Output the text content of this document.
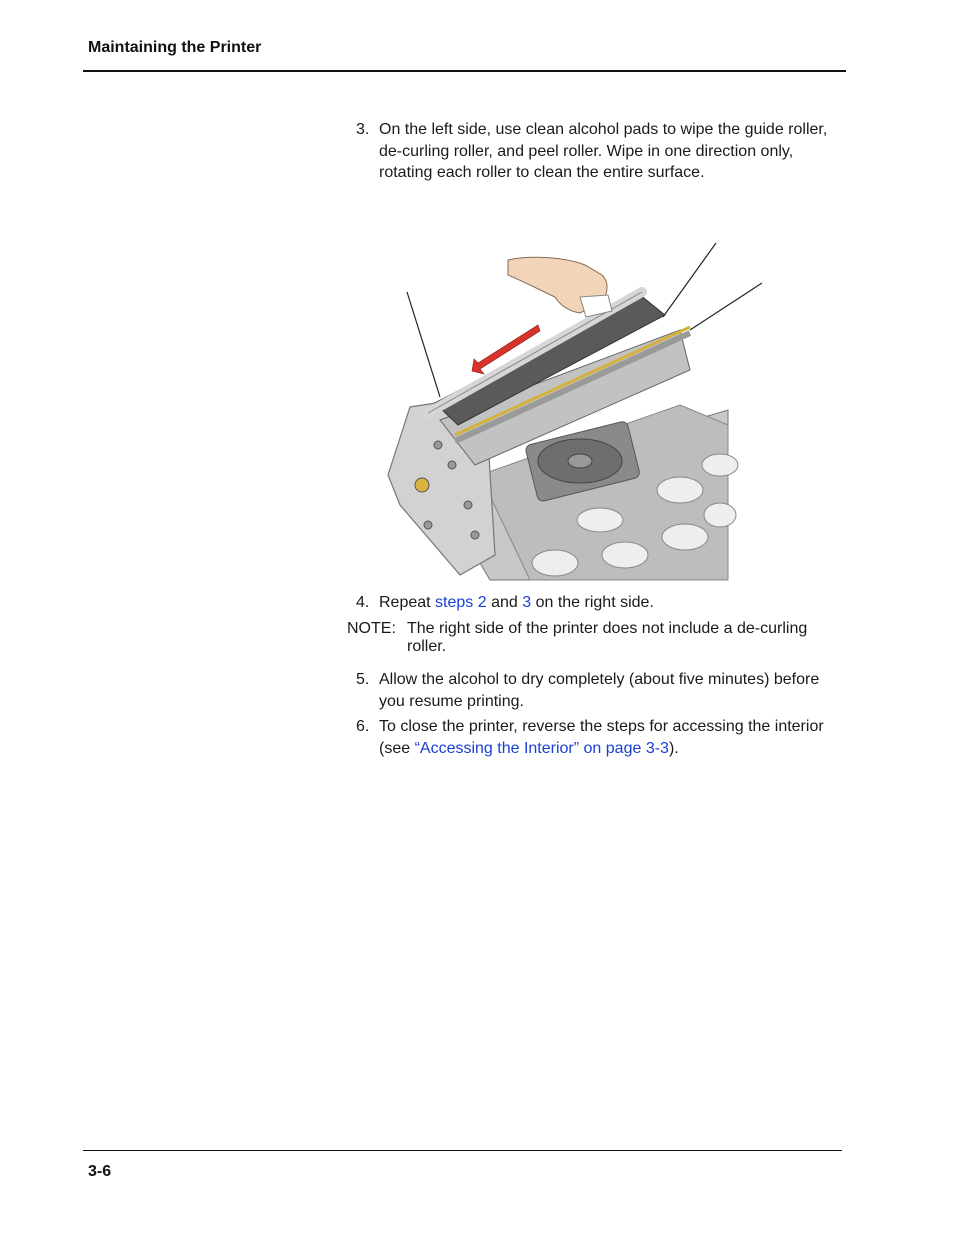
Maintaining the Printer
3. On the left side, use clean alcohol pads to wipe the guide roller, de-curling roller, and peel roller. Wipe in one direction only, rotating each roller to clean the entire surface.
4. Repeat steps 2 and 3 on the right side.
NOTE: The right side of the printer does not include a de-curling roller.
5. Allow the alcohol to dry completely (about five minutes) before you resume printing.
6. To close the printer, reverse the steps for accessing the interior (see “Accessing the Interior” on page 3-3).
3-6
